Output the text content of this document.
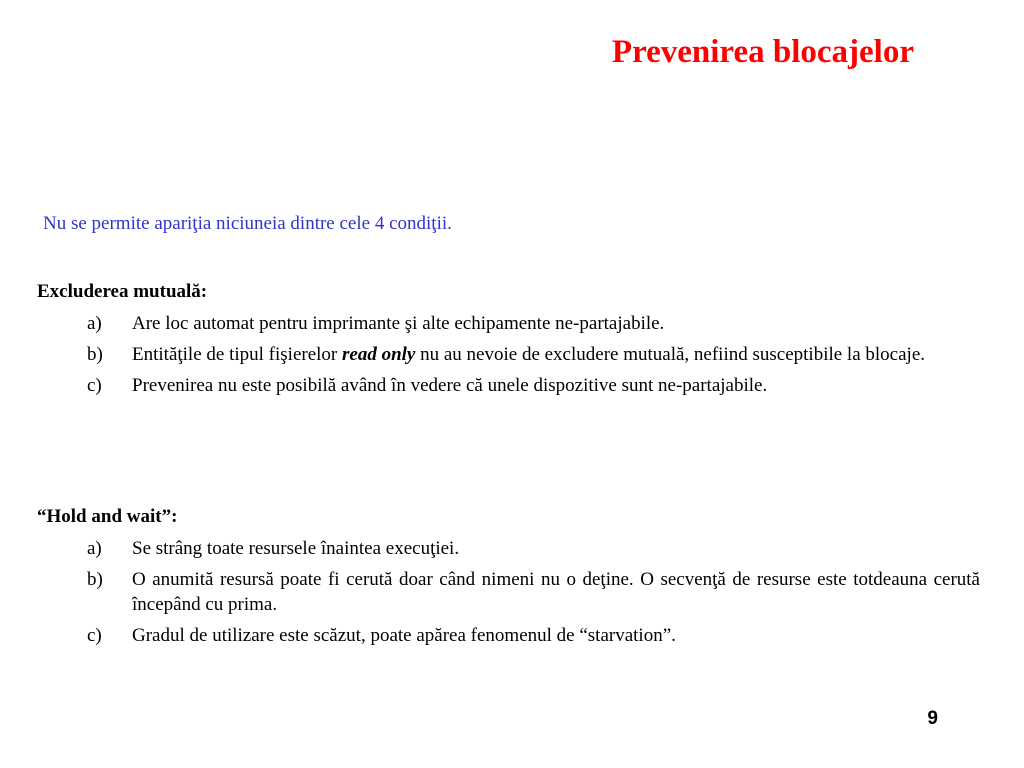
Prevenirea blocajelor
Nu se permite apariţia niciuneia dintre cele 4 condiţii.
Excluderea mutuală:
a) Are loc automat pentru imprimante şi alte echipamente ne-partajabile.
b) Entităţile de tipul fişierelor read only nu au nevoie de excludere mutuală, nefiind susceptibile la blocaje.
c) Prevenirea nu este posibilă având în vedere că unele dispozitive sunt ne-partajabile.
“Hold and wait”:
a) Se strâng toate resursele înaintea execuţiei.
b) O anumită resursă poate fi cerută doar când nimeni nu o deţine. O secvenţă de resurse este totdeauna cerută începând cu prima.
c) Gradul de utilizare este scăzut, poate apărea fenomenul de “starvation”.
9
